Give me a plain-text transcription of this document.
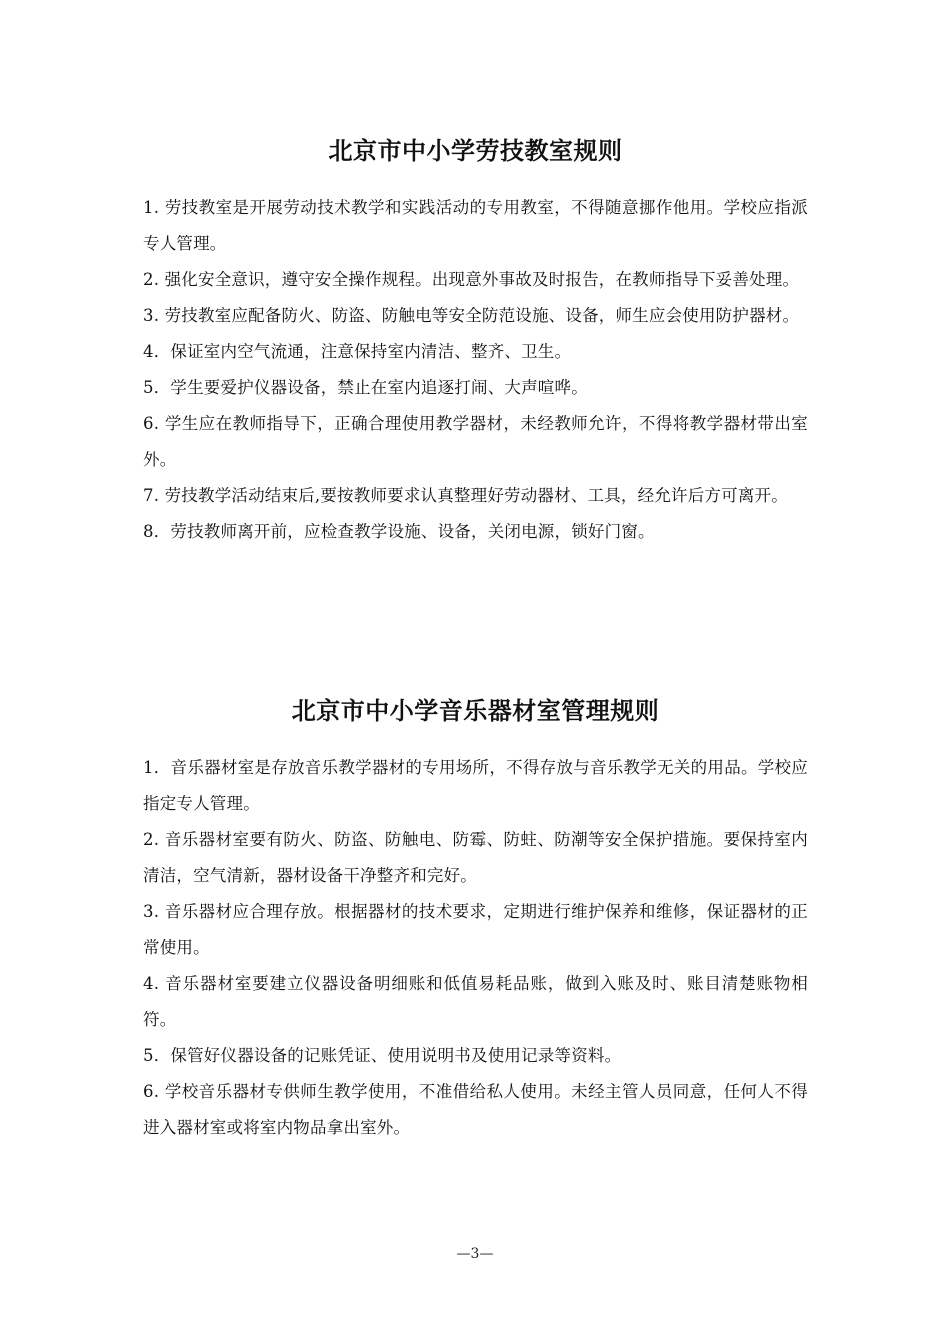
北京市中小学劳技教室规则

1. 劳技教室是开展劳动技术教学和实践活动的专用教室，不得随意挪作他用。学校应指派专人管理。

2. 强化安全意识，遵守安全操作规程。出现意外事故及时报告，在教师指导下妥善处理。

3. 劳技教室应配备防火、防盗、防触电等安全防范设施、设备，师生应会使用防护器材。

4．保证室内空气流通，注意保持室内清洁、整齐、卫生。

5．学生要爱护仪器设备，禁止在室内追逐打闹、大声喧哗。

6. 学生应在教师指导下，正确合理使用教学器材，未经教师允许，不得将教学器材带出室外。

7. 劳技教学活动结束后,要按教师要求认真整理好劳动器材、工具，经允许后方可离开。

8．劳技教师离开前，应检查教学设施、设备，关闭电源，锁好门窗。

北京市中小学音乐器材室管理规则

1．音乐器材室是存放音乐教学器材的专用场所，不得存放与音乐教学无关的用品。学校应指定专人管理。

2. 音乐器材室要有防火、防盗、防触电、防霉、防蛀、防潮等安全保护措施。要保持室内清洁，空气清新，器材设备干净整齐和完好。

3. 音乐器材应合理存放。根据器材的技术要求，定期进行维护保养和维修，保证器材的正常使用。

4. 音乐器材室要建立仪器设备明细账和低值易耗品账，做到入账及时、账目清楚账物相符。

5．保管好仪器设备的记账凭证、使用说明书及使用记录等资料。

6. 学校音乐器材专供师生教学使用，不准借给私人使用。未经主管人员同意，任何人不得进入器材室或将室内物品拿出室外。

—3—
